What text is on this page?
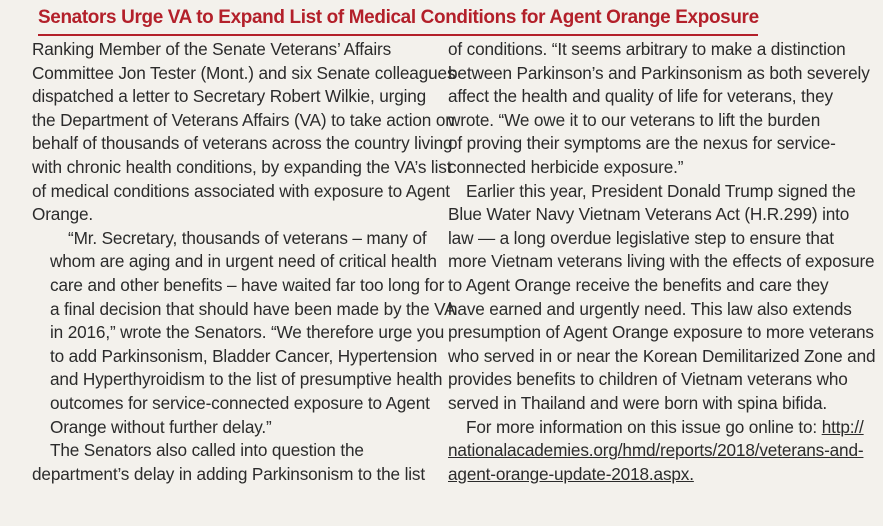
Senators Urge VA to Expand List of Medical Conditions for Agent Orange Exposure

Ranking Member of the Senate Veterans’ Affairs
Committee Jon Tester (Mont.) and six Senate colleagues
dispatched a letter to Secretary Robert Wilkie, urging
the Department of Veterans Affairs (VA) to take action on
behalf of thousands of veterans across the country living
with chronic health conditions, by expanding the VA’s list
of medical conditions associated with exposure to Agent
Orange.

“Mr. Secretary, thousands of veterans – many of
whom are aging and in urgent need of critical health
care and other benefits – have waited far too long for
a final decision that should have been made by the VA
in 2016,” wrote the Senators. “We therefore urge you
to add Parkinsonism, Bladder Cancer, Hypertension
and Hyperthyroidism to the list of presumptive health
outcomes for service-connected exposure to Agent
Orange without further delay.”

The Senators also called into question the
department’s delay in adding Parkinsonism to the list

of conditions. “It seems arbitrary to make a distinction
between Parkinson’s and Parkinsonism as both severely
affect the health and quality of life for veterans, they
wrote. “We owe it to our veterans to lift the burden
of proving their symptoms are the nexus for service-
connected herbicide exposure.”

Earlier this year, President Donald Trump signed the
Blue Water Navy Vietnam Veterans Act (H.R.299) into
law — a long overdue legislative step to ensure that
more Vietnam veterans living with the effects of exposure
to Agent Orange receive the benefits and care they
have earned and urgently need. This law also extends
presumption of Agent Orange exposure to more veterans
who served in or near the Korean Demilitarized Zone and
provides benefits to children of Vietnam veterans who
served in Thailand and were born with spina bifida.

For more information on this issue go online to: http://
nationalacademies.org/hmd/reports/2018/veterans-and-
agent-orange-update-2018.aspx.
